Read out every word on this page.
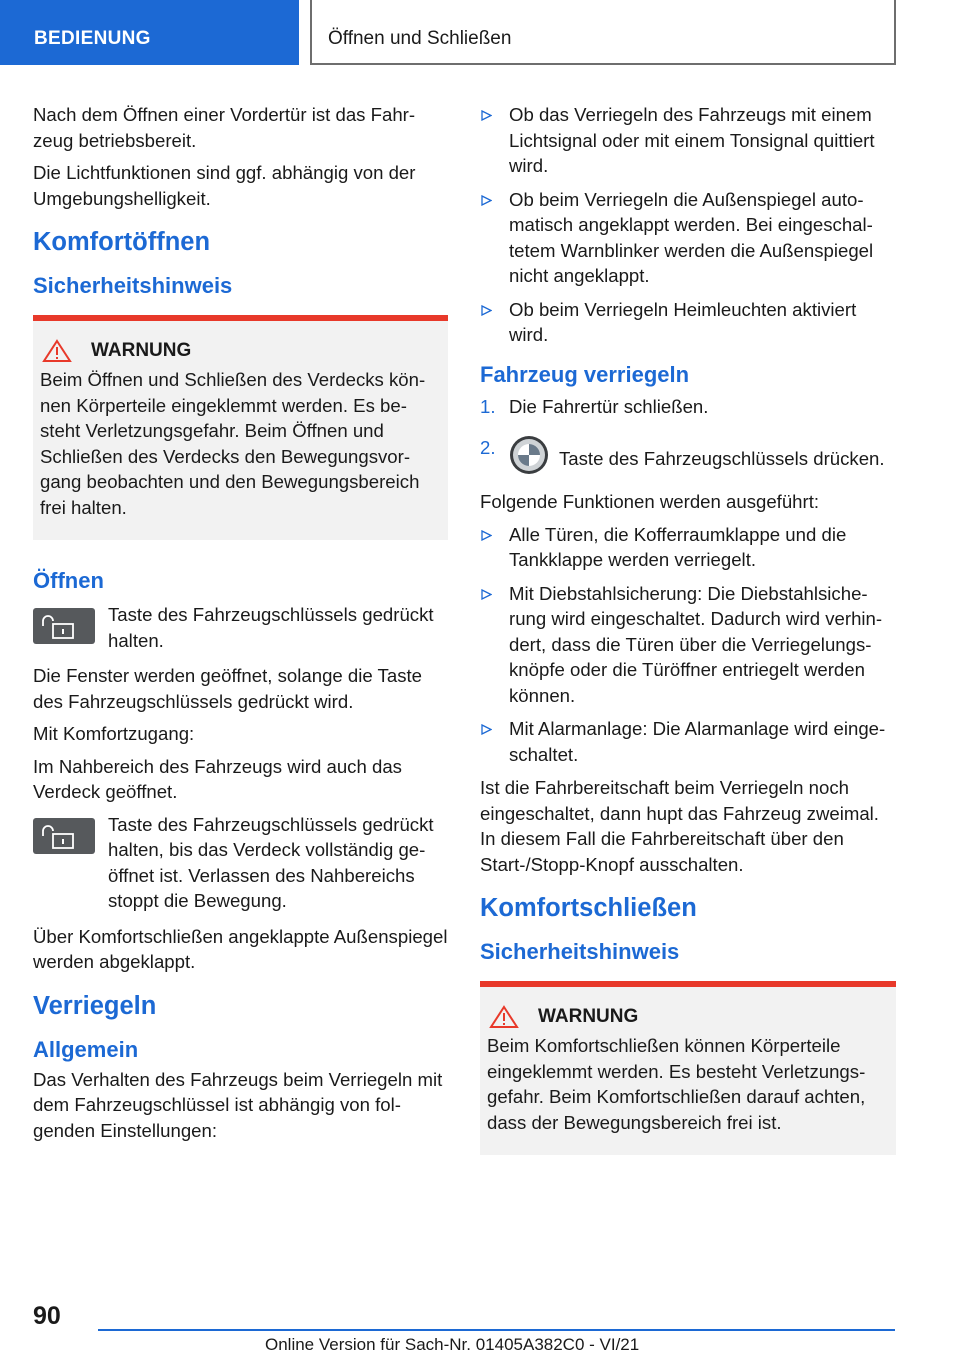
BEDIENUNG	Öffnen und Schließen

Nach dem Öffnen einer Vordertür ist das Fahrzeug betriebsbereit.

Die Lichtfunktionen sind ggf. abhängig von der Umgebungshelligkeit.

Komfortöffnen
Sicherheitshinweis
WARNUNG

Beim Öffnen und Schließen des Verdecks können Körperteile eingeklemmt werden. Es besteht Verletzungsgefahr. Beim Öffnen und Schließen des Verdecks den Bewegungsvorgang beobachten und den Bewegungsbereich frei halten.

Öffnen

Taste des Fahrzeugschlüssels gedrückt halten.

Die Fenster werden geöffnet, solange die Taste des Fahrzeugschlüssels gedrückt wird.

Mit Komfortzugang:

Im Nahbereich des Fahrzeugs wird auch das Verdeck geöffnet.

Taste des Fahrzeugschlüssels gedrückt halten, bis das Verdeck vollständig geöffnet ist. Verlassen des Nahbereichs stoppt die Bewegung.

Über Komfortschließen angeklappte Außenspiegel werden abgeklappt.

Verriegeln
Allgemein

Das Verhalten des Fahrzeugs beim Verriegeln mit dem Fahrzeugschlüssel ist abhängig von folgenden Einstellungen:

Ob das Verriegeln des Fahrzeugs mit einem Lichtsignal oder mit einem Tonsignal quittiert wird.
Ob beim Verriegeln die Außenspiegel automatisch angeklappt werden. Bei eingeschaltetem Warnblinker werden die Außenspiegel nicht angeklappt.
Ob beim Verriegeln Heimleuchten aktiviert wird.
Fahrzeug verriegeln
1. Die Fahrertür schließen.
2.
Taste des Fahrzeugschlüssels drücken.

Folgende Funktionen werden ausgeführt:

Alle Türen, die Kofferraumklappe und die Tankklappe werden verriegelt.
Mit Diebstahlsicherung: Die Diebstahlsicherung wird eingeschaltet. Dadurch wird verhindert, dass die Türen über die Verriegelungsknöpfe oder die Türöffner entriegelt werden können.
Mit Alarmanlage: Die Alarmanlage wird eingeschaltet.

Ist die Fahrbereitschaft beim Verriegeln noch eingeschaltet, dann hupt das Fahrzeug zweimal. In diesem Fall die Fahrbereitschaft über den Start-/Stopp-Knopf ausschalten.

Komfortschließen
Sicherheitshinweis
WARNUNG

Beim Komfortschließen können Körperteile eingeklemmt werden. Es besteht Verletzungsgefahr. Beim Komfortschließen darauf achten, dass der Bewegungsbereich frei ist.

90
Online Version für Sach-Nr. 01405A382C0 - VI/21
